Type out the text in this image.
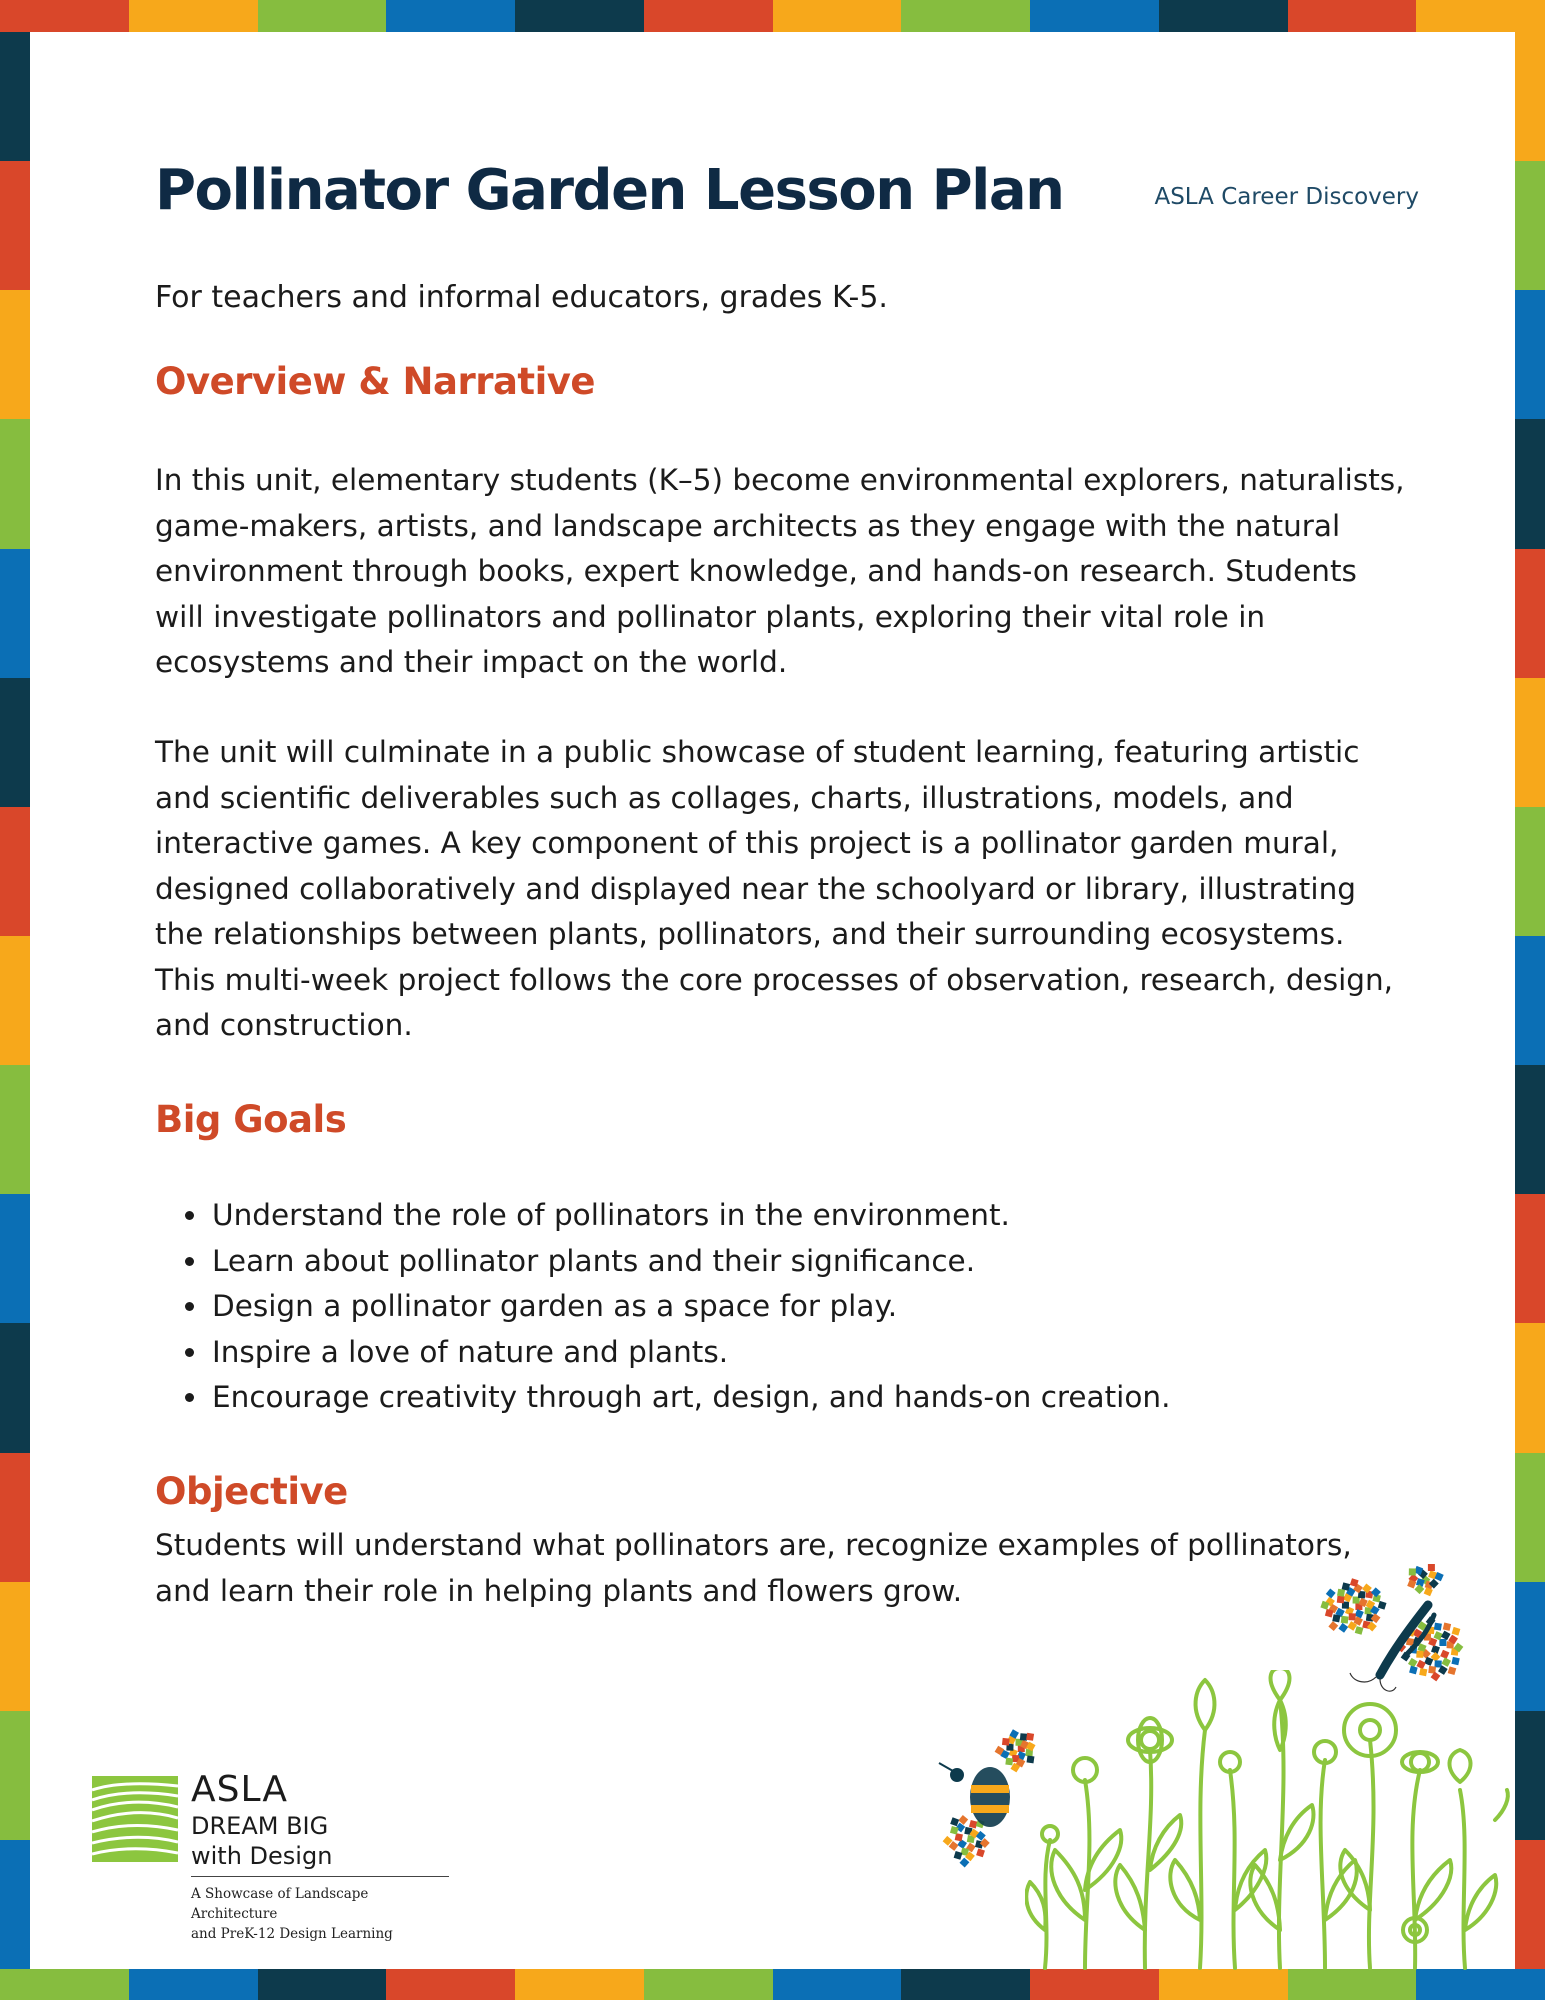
Pollinator Garden Lesson Plan	ASLA Career Discovery
For teachers and informal educators, grades K-5.
Overview & Narrative

In this unit, elementary students (K–5) become environmental explorers, naturalists, game-makers, artists, and landscape architects as they engage with the natural environment through books, expert knowledge, and hands-on research. Students will investigate pollinators and pollinator plants, exploring their vital role in ecosystems and their impact on the world.

The unit will culminate in a public showcase of student learning, featuring artistic and scientific deliverables such as collages, charts, illustrations, models, and interactive games. A key component of this project is a pollinator garden mural, designed collaboratively and displayed near the schoolyard or library, illustrating the relationships between plants, pollinators, and their surrounding ecosystems. This multi-week project follows the core processes of observation, research, design, and construction.

Big Goals
• Understand the role of pollinators in the environment.
• Learn about pollinator plants and their significance.
• Design a pollinator garden as a space for play.
• Inspire a love of nature and plants.
• Encourage creativity through art, design, and hands-on creation.
Objective

Students will understand what pollinators are, recognize examples of pollinators, and learn their role in helping plants and flowers grow.

ASLA
DREAM BIG
with Design
A Showcase of Landscape Architecture
and PreK-12 Design Learning
